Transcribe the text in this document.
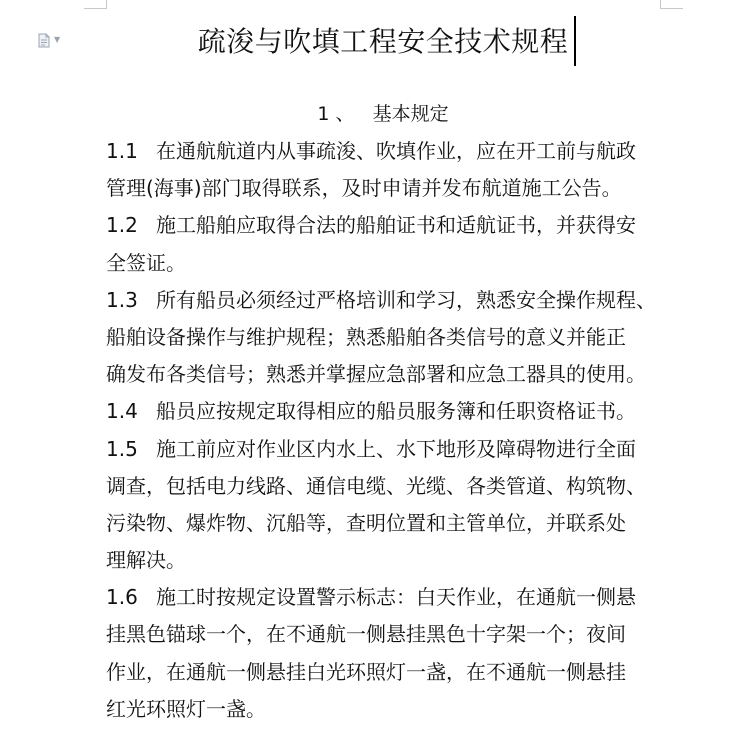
▼	疏浚与吹填工程安全技术规程
1 、 基本规定
1.1 在通航航道内从事疏浚、吹填作业，应在开工前与航政
管理(海事)部门取得联系，及时申请并发布航道施工公告。
1.2 施工船舶应取得合法的船舶证书和适航证书，并获得安
全签证。
1.3 所有船员必须经过严格培训和学习，熟悉安全操作规程、
船舶设备操作与维护规程；熟悉船舶各类信号的意义并能正
确发布各类信号；熟悉并掌握应急部署和应急工器具的使用。
1.4 船员应按规定取得相应的船员服务簿和任职资格证书。
1.5 施工前应对作业区内水上、水下地形及障碍物进行全面
调查，包括电力线路、通信电缆、光缆、各类管道、构筑物、
污染物、爆炸物、沉船等，查明位置和主管单位，并联系处
理解决。
1.6 施工时按规定设置警示标志：白天作业，在通航一侧悬
挂黑色锚球一个，在不通航一侧悬挂黑色十字架一个；夜间
作业，在通航一侧悬挂白光环照灯一盏，在不通航一侧悬挂
红光环照灯一盏。
